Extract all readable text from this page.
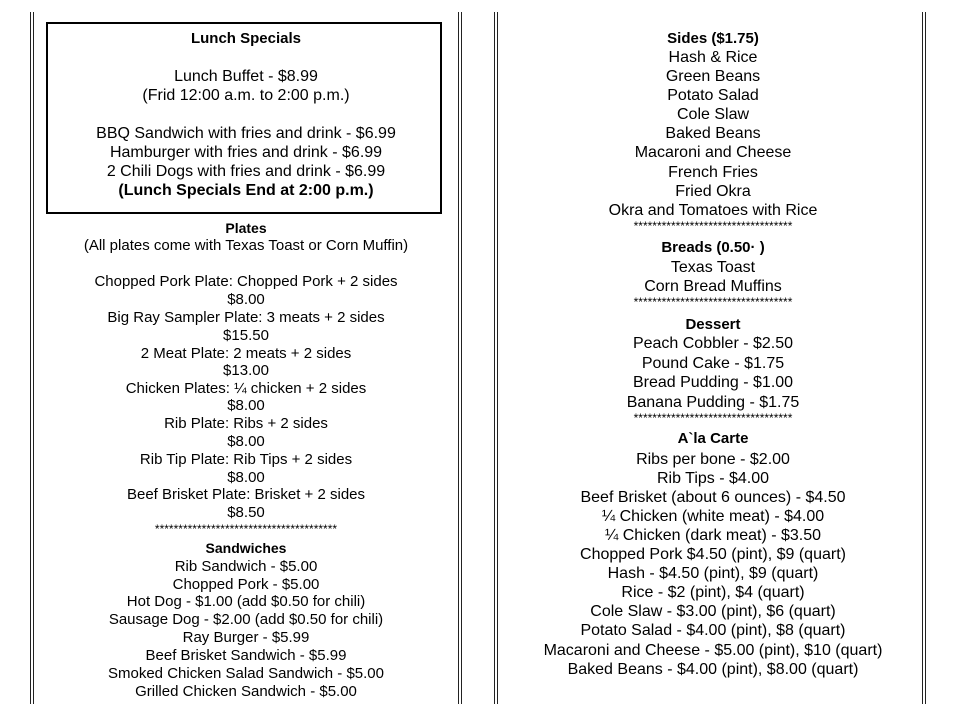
Lunch Specials
Lunch Buffet - $8.99
(Frid 12:00 a.m. to 2:00 p.m.)
BBQ Sandwich with fries and drink - $6.99
Hamburger with fries and drink - $6.99
2 Chili Dogs with fries and drink - $6.99
(Lunch Specials End at 2:00 p.m.)
Plates
(All plates come with Texas Toast or Corn Muffin)
Chopped Pork Plate: Chopped Pork + 2 sides
$8.00
Big Ray Sampler Plate: 3 meats + 2 sides
$15.50
2 Meat Plate: 2 meats + 2 sides
$13.00
Chicken Plates: ¼ chicken + 2 sides
$8.00
Rib Plate: Ribs + 2 sides
$8.00
Rib Tip Plate: Rib Tips + 2 sides
$8.00
Beef Brisket Plate: Brisket + 2 sides
$8.50
***************************************
Sandwiches
Rib Sandwich - $5.00
Chopped Pork - $5.00
Hot Dog - $1.00 (add $0.50 for chili)
Sausage Dog - $2.00 (add $0.50 for chili)
Ray Burger - $5.99
Beef Brisket Sandwich - $5.99
Smoked Chicken Salad Sandwich - $5.00
Grilled Chicken Sandwich - $5.00
Sides ($1.75)
Hash & Rice
Green Beans
Potato Salad
Cole Slaw
Baked Beans
Macaroni and Cheese
French Fries
Fried Okra
Okra and Tomatoes with Rice
**********************************
Breads (0.50· )
Texas Toast
Corn Bread Muffins
**********************************
Dessert
Peach Cobbler - $2.50
Pound Cake - $1.75
Bread Pudding - $1.00
Banana Pudding - $1.75
**********************************
A`la Carte
Ribs per bone - $2.00
Rib Tips - $4.00
Beef Brisket (about 6 ounces) - $4.50
¼ Chicken (white meat) - $4.00
¼ Chicken (dark meat) - $3.50
Chopped Pork $4.50 (pint), $9 (quart)
Hash - $4.50 (pint), $9 (quart)
Rice - $2 (pint), $4 (quart)
Cole Slaw - $3.00 (pint), $6 (quart)
Potato Salad - $4.00 (pint), $8 (quart)
Macaroni and Cheese - $5.00 (pint), $10 (quart)
Baked Beans - $4.00 (pint), $8.00 (quart)
